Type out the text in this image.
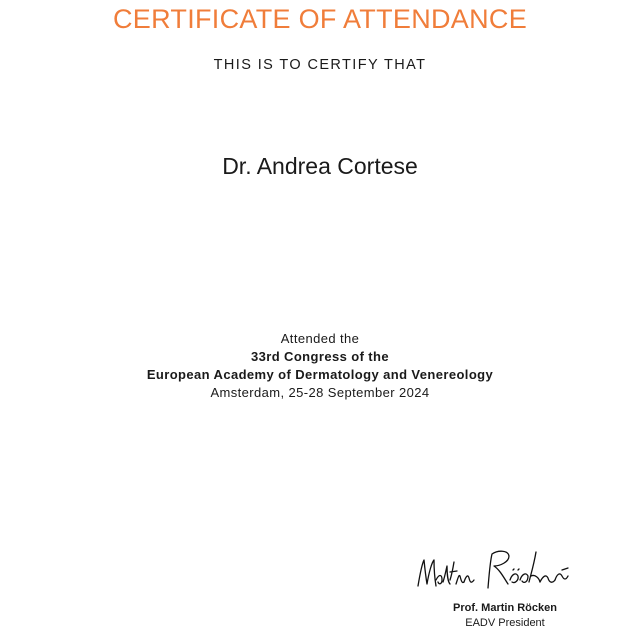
CERTIFICATE OF ATTENDANCE
THIS IS TO CERTIFY THAT
Dr. Andrea Cortese
Attended the
33rd Congress of the
European Academy of Dermatology and Venereology
Amsterdam, 25-28 September 2024
Prof. Martin Röcken
EADV President
